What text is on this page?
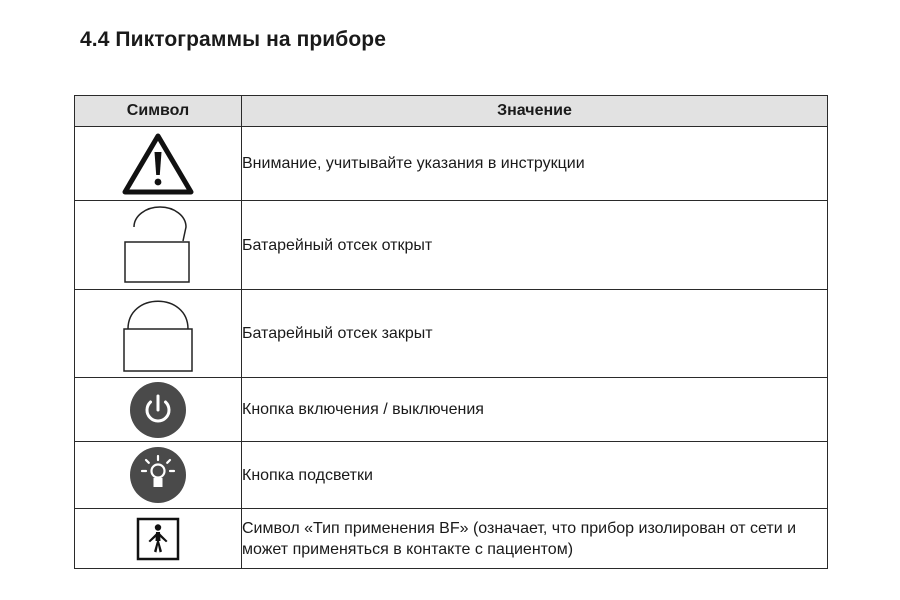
4.4 Пиктограммы на приборе
Символ	Значение

	Внимание, учитывайте указания в инструкции

	Батарейный отсек открыт

	Батарейный отсек закрыт

	Кнопка включения / выключения

	Кнопка подсветки

	Символ «Тип применения BF» (означает, что прибор изолирован от сети и может применяться в контакте с пациентом)
